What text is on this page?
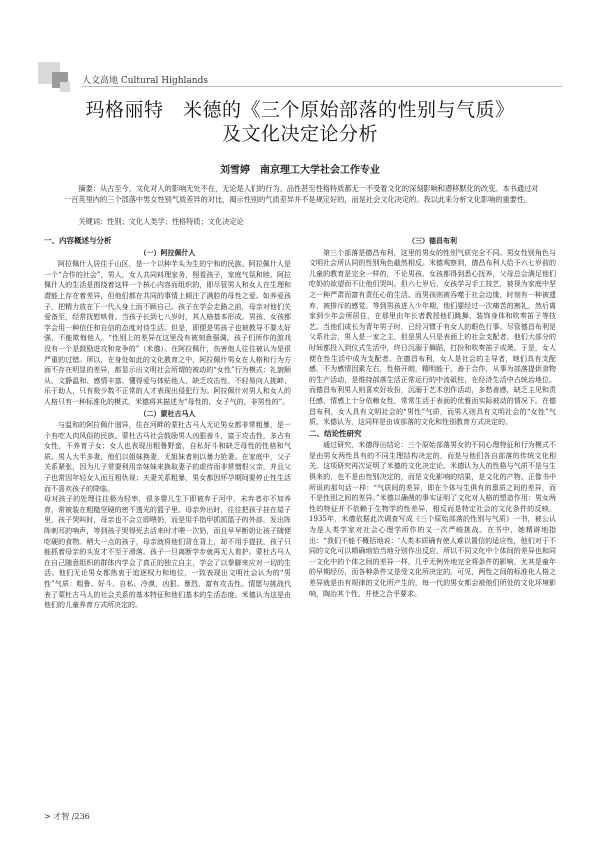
人文高地 Cultural Highlands
玛格丽特　米德的《三个原始部落的性别与气质》
及文化决定论分析
刘雪婷　南京理工大学社会工作专业
摘要：从古至今，文化对人的影响无处不在，无论是人们的行为、品性甚至性格特质都无一不受着文化的深刻影响和潜移默化的改变。本书通过对一百英里内的三个部落中男女性别气质差异的对比，揭示性别的气质差异并不是规定好的，而是社会文化决定的。我以此来分析文化影响的重要性。
关键词：性别；文化人类学；性格特质；文化决定论
一、内容概述与分析
（一）阿拉佩什人

阿拉佩什人居住于山区，是一个以种芋头为生的宁和的民族。阿拉佩什人是一个“合作的社会”，男人，女人共同料理家务，照看孩子，家庭气氛和睦。阿拉佩什人的生活是围绕着这样一个核心内容而组织的，即尽管男人和女人在生理和潜能上存在着差异，但他们都在共同的事情上倾注了满腔的母性之爱。如养爱孩子，把精力放在下一代人身上而不顾自己。孩子在学会走路之前，母亲对他们关爱备至，经常抚慰哄骨。当孩子长到七八岁时，其人格基本形成。男孩、女孩都学会用一种信任和自信的态度对待生活。但是，即便是男孩子也被教导不要太好强，不能欺侮他人。“性别上的差异在这里没有被刻意强调。孩子们所作的游戏没有一个是鼓励进攻和竞争的”（米德）。在阿拉佩什，伤害他人往往被认为是很严重的过错。所以，在身处如此的文化教育之中，阿拉佩什男女在人格和行为方面不存在明显的差异，都显示出文明社会所谓的被动的“女性”行为模式：礼貌顺从、文静温和、感情丰富、懂得爱与体贴他人、缺乏攻击性、不轻易向人挑衅、乐于助人，只有极少数不正常的人才表现出侵犯行为。阿拉佩什对男人和女人的人格只有一种标准化的模式，米德将其描述为“母性的，女子气的，非男性的”。

（二）蒙杜古马人

与温和的阿拉佩什迥异，住在河畔的蒙杜古马人无论男女都非常粗暴，是一个有吃人肉风俗的民族。蒙杜古马社会鼓励男人凶狠善斗，富于攻击性，多占有女性，不养育子女；女人也表现出粗鲁野蛮，自私好斗和缺乏母性的性格和气质。男人大半多妻，他们以姐妹换妻，无姐妹者则以暴力抢妻。在家庭中，父子关系紧张，因为儿子常要利用亲妹妹来换取妻子的虐待而非常憎恨父亲，并且父子也常因年轻女人而互相仇视；夫妻关系粗暴，男女都因怀孕期间要停止性生活而不喜欢孩子的降临。

母对孩子的处理往往极为轻率，很多婴儿生下即被弃于河中，未弃者亦不加养育，常被装在粗糙坚硬的密不透光的篮子里。母亲外出时，往往把孩子挂在屋子里，孩子哭叫时，母亲也不会立即喂奶，而是用手指甲抓抓篮子的外部，发出阵阵刺耳的响声，等到孩子哭得死去活来时才喂一次奶，而且早早断奶让孩子随便吃硬的食物。稍大一点的孩子，母亲就将他们背在背上，却不用手提扶，孩子只能抓着母亲的头发才不至于滑落。孩子一旦离断学步就再无人看护。蒙杜古马人在自己随意组织的群体内学会了真正的独立自主，学会了以拳脚来应对一切的生活。他们无论男女都热衷于追逐权力和地位，一致表现出文明社会认为的“男性”气质：粗鲁、好斗、自私、冷漠、凶狠、暴烈、富有攻击性。情愿与挑战代表了蒙杜古马人的社会关系的基本特征和他们基本的生活态度。米德认为这是由他们的儿童养育方式所决定的。

（三）德昌布利

第三个部落是德昌布利，这里的男女的性别气质完全不同。男女性别角色与文明社会所认同的性别角色截然相反。米德观察到，德昌布利人给予六七岁前的儿童的教育是完全一样的，不论男孩，女孩都得到悉心抚养，父母总会满足他们吃奶的欲望而不让他们哭叫。但六七岁后，女孩学习手工技艺，被视为家庭中坚之一种严肃而富有责任心的生活。而男孩则被吞噬于社会边缘，时刻有一种被遗弃，被排斥的感觉。等到男孩进入少年期，他们要经过一次痛苦的割礼，然后离家到少年会所居住，在那里由年长者教授他们跳舞、装饰身体和吹奏笛子等技艺。当他们成长为青年男子时，已经习惯于有女人的眼色行事。尽管德昌布利是父系社会，男人是一家之主，但是男人只是表面上的社会支配者，他们大部分的时间都投入到仪式生活中，终日沉溺于舞蹈，打扮和吹奏笛子或萧。于是，女人便在性生活中成为支配者。在德昌布利，女人是社会的主导者，她们具有支配感，不为感情因素左右，性格开朗，精明能干，善于合作，从事为部落提供食物的生产活动，是维持部落生活正常运行的中流砥柱，在经济生活中占统治地位。而德昌布利男人则喜欢好妆扮，沉溺于艺术创作活动，多愁善感，缺乏主见和责任感，情感上十分依赖女性，常常生活于表面的优雅而实际被动的情况下。在德昌布利，女人具有文明社会的“男性”气质，而男人则具有文明社会的“女性”气质。米德认为，这同样是由该部落的文化和性别教育方式决定的。

二、结论性研究

通过研究，米德得出结论：三个原始部落男女的不同心理特征和行为模式不是由男女两性具有的不同生理结构决定的，而是与他们各自部落的传统文化相关。这项研究再次证明了米德的文化决定论。米德认为人的性格与气质不是与生俱来的，也不是由性别决定的，而是文化影响的结果，是文化的产物。正像书中所说的那句话一样：“气质间的差异，即在个体与生俱有的禀质之间的差异，而不是性别之间的差异。”米德以确凿的事实证明了文化对人格的塑造作用：男女两性的特征并不依赖于生物学的性差异，相反而是特定社会的文化条件的反映。1935年，米德依据此次调查写成《三个原始部落的性别与气质》一书，被公认为是人类学家对社会心理学所作的又一次严峻挑战。在书中，她精辟地指出：“我们不能不概括地说：‘人类本质确有使人难以置信的适应性，他们对于不同的文化可以精确地恰当地分别作出反应，所以不同文化中个体间的差异也和同一文化中的个体之间的差异一样，几乎无例外地完全将条件的影响，尤其是童年的早期经历，而各种条件又是受文化所决定的。可见，两性之间的标准化人格之差异就是由有规律的文化所产生的，每一代的男女都会被他们所处的文化环境影响，陶冶其个性，并使之合乎要求。

> 才智 /236
